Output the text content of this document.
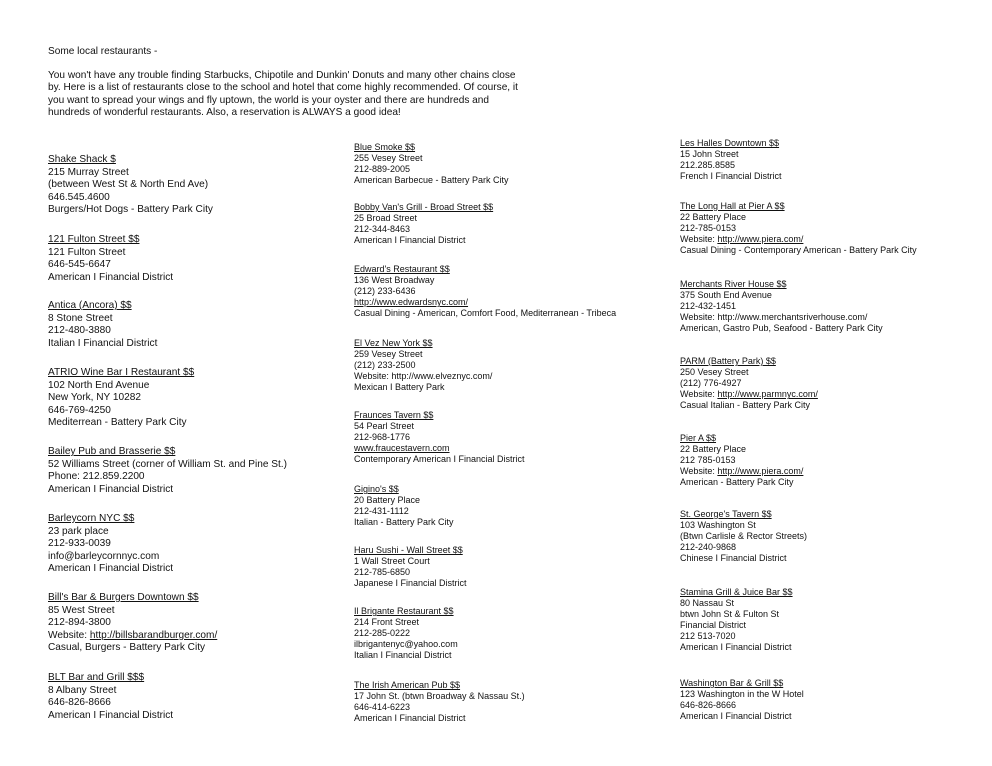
Some local restaurants -

You won't have any trouble finding Starbucks, Chipotile and Dunkin' Donuts and many other chains close by. Here is a list of restaurants close to the school and hotel that come highly recommended. Of course, it you want to spread your wings and fly uptown, the world is your oyster and there are hundreds and hundreds of wonderful restaurants. Also, a reservation is ALWAYS a good idea!

Shake Shack $
215 Murray Street
(between West St & North End Ave)
646.545.4600
Burgers/Hot Dogs - Battery Park City
121 Fulton Street $$
121 Fulton Street
646-545-6647
American I Financial District
Antica (Ancora) $$
8 Stone Street
212-480-3880
Italian I Financial District
ATRIO Wine Bar I Restaurant $$
102 North End Avenue
New York, NY 10282
646-769-4250
Mediterrean - Battery Park City
Bailey Pub and Brasserie $$
52 Williams Street (corner of William St. and Pine St.)
Phone: 212.859.2200
American I Financial District
Barleycorn NYC $$
23 park place
212-933-0039
info@barleycornnyc.com
American I Financial District
Bill's Bar & Burgers Downtown $$
85 West Street
212-894-3800
Website: http://billsbarandburger.com/
Casual, Burgers - Battery Park City
BLT Bar and Grill $$$
8 Albany Street
646-826-8666
American I Financial District
Blue Smoke $$
255 Vesey Street
212-889-2005
American Barbecue - Battery Park City
Bobby Van's Grill - Broad Street $$
25 Broad Street
212-344-8463
American I Financial District
Edward's Restaurant $$
136 West Broadway
(212) 233-6436
http://www.edwardsnyc.com/
Casual Dining - American, Comfort Food, Mediterranean - Tribeca
El Vez New York $$
259 Vesey Street
(212) 233-2500
Website: http://www.elveznyc.com/
Mexican I Battery Park
Fraunces Tavern $$
54 Pearl Street
212-968-1776
www.fraucestavern.com
Contemporary American I Financial District
Gigino's $$
20 Battery Place
212-431-1112
Italian - Battery Park City
Haru Sushi - Wall Street $$
1 Wall Street Court
212-785-6850
Japanese I Financial District
Il Brigante Restaurant $$
214 Front Street
212-285-0222
ilbrigantenyc@yahoo.com
Italian I Financial District
The Irish American Pub $$
17 John St. (btwn Broadway & Nassau St.)
646-414-6223
American I Financial District
Les Halles Downtown $$
15 John Street
212.285.8585
French I Financial District
The Long Hall at Pier A $$
22 Battery Place
212-785-0153
Website: http://www.piera.com/
Casual Dining - Contemporary American - Battery Park City
Merchants River House $$
375 South End Avenue
212-432-1451
Website: http://www.merchantsriverhouse.com/
American, Gastro Pub, Seafood - Battery Park City
PARM (Battery Park) $$
250 Vesey Street
(212) 776-4927
Website: http://www.parmnyc.com/
Casual Italian - Battery Park City
Pier A $$
22 Battery Place
212 785-0153
Website: http://www.piera.com/
American - Battery Park City
St. George's Tavern $$
103 Washington St
(Btwn Carlisle & Rector Streets)
212-240-9868
Chinese I Financial District
Stamina Grill & Juice Bar $$
80 Nassau St
btwn John St & Fulton St
Financial District
212 513-7020
American I Financial District
Washington Bar & Grill $$
123 Washington in the W Hotel
646-826-8666
American I Financial District
